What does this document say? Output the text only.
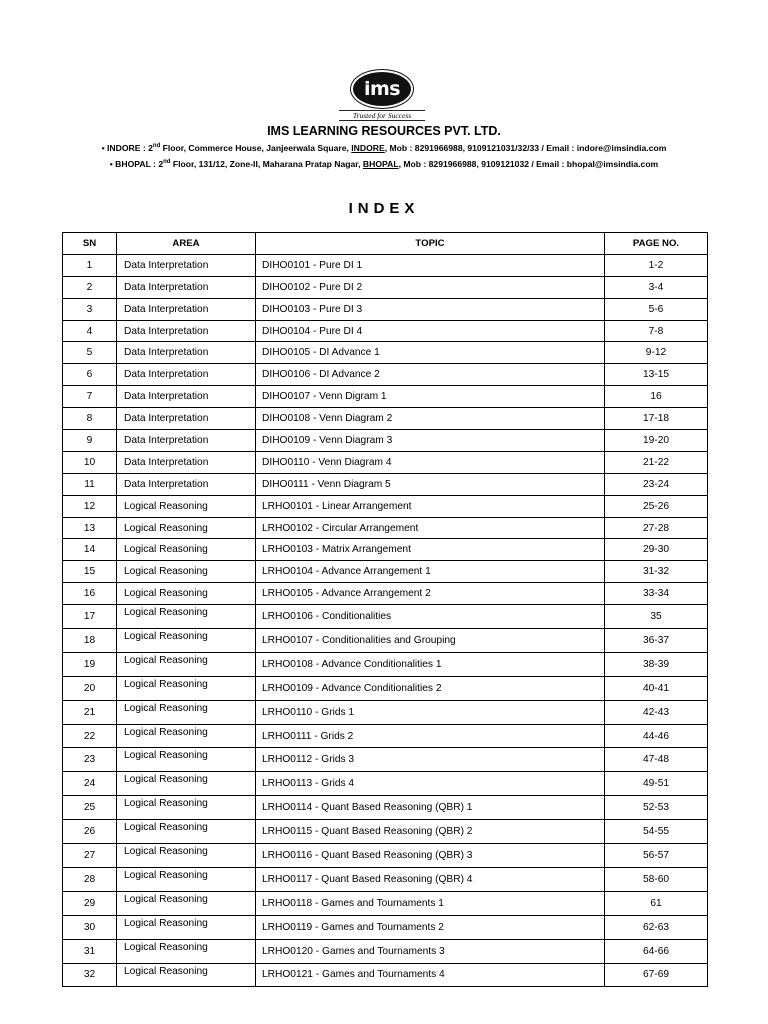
ims
Trusted for Success
IMS LEARNING RESOURCES PVT. LTD.
• INDORE : 2nd Floor, Commerce House, Janjeerwala Square, INDORE, Mob : 8291966988, 9109121031/32/33 / Email : indore@imsindia.com
• BHOPAL : 2nd Floor, 131/12, Zone-II, Maharana Pratap Nagar, BHOPAL, Mob : 8291966988, 9109121032 / Email : bhopal@imsindia.com
INDEX
SN	AREA	TOPIC	PAGE NO.
1	Data Interpretation	DIHO0101 - Pure DI 1	1-2
2	Data Interpretation	DIHO0102 - Pure DI 2	3-4
3	Data Interpretation	DIHO0103 - Pure DI 3	5-6
4	Data Interpretation	DIHO0104 - Pure DI 4	7-8
5	Data Interpretation	DIHO0105 - DI Advance 1	9-12
6	Data Interpretation	DIHO0106 - DI Advance 2	13-15
7	Data Interpretation	DIHO0107 - Venn Digram 1	16
8	Data Interpretation	DIHO0108 - Venn Diagram 2	17-18
9	Data Interpretation	DIHO0109 - Venn Diagram 3	19-20
10	Data Interpretation	DIHO0110 - Venn Diagram 4	21-22
11	Data Interpretation	DIHO0111 - Venn Diagram 5	23-24
12	Logical Reasoning	LRHO0101 - Linear Arrangement	25-26
13	Logical Reasoning	LRHO0102 - Circular Arrangement	27-28
14	Logical Reasoning	LRHO0103 - Matrix Arrangement	29-30
15	Logical Reasoning	LRHO0104 - Advance Arrangement 1	31-32
16	Logical Reasoning	LRHO0105 - Advance Arrangement 2	33-34
17	Logical Reasoning	LRHO0106 - Conditionalities	35
18	Logical Reasoning	LRHO0107 - Conditionalities and Grouping	36-37
19	Logical Reasoning	LRHO0108 - Advance Conditionalities 1	38-39
20	Logical Reasoning	LRHO0109 - Advance Conditionalities 2	40-41
21	Logical Reasoning	LRHO0110 - Grids 1	42-43
22	Logical Reasoning	LRHO0111 - Grids 2	44-46
23	Logical Reasoning	LRHO0112 - Grids 3	47-48
24	Logical Reasoning	LRHO0113 - Grids 4	49-51
25	Logical Reasoning	LRHO0114 - Quant Based Reasoning (QBR) 1	52-53
26	Logical Reasoning	LRHO0115 - Quant Based Reasoning (QBR) 2	54-55
27	Logical Reasoning	LRHO0116 - Quant Based Reasoning (QBR) 3	56-57
28	Logical Reasoning	LRHO0117 - Quant Based Reasoning (QBR) 4	58-60
29	Logical Reasoning	LRHO0118 - Games and Tournaments 1	61
30	Logical Reasoning	LRHO0119 - Games and Tournaments 2	62-63
31	Logical Reasoning	LRHO0120 - Games and Tournaments 3	64-66
32	Logical Reasoning	LRHO0121 - Games and Tournaments 4	67-69
